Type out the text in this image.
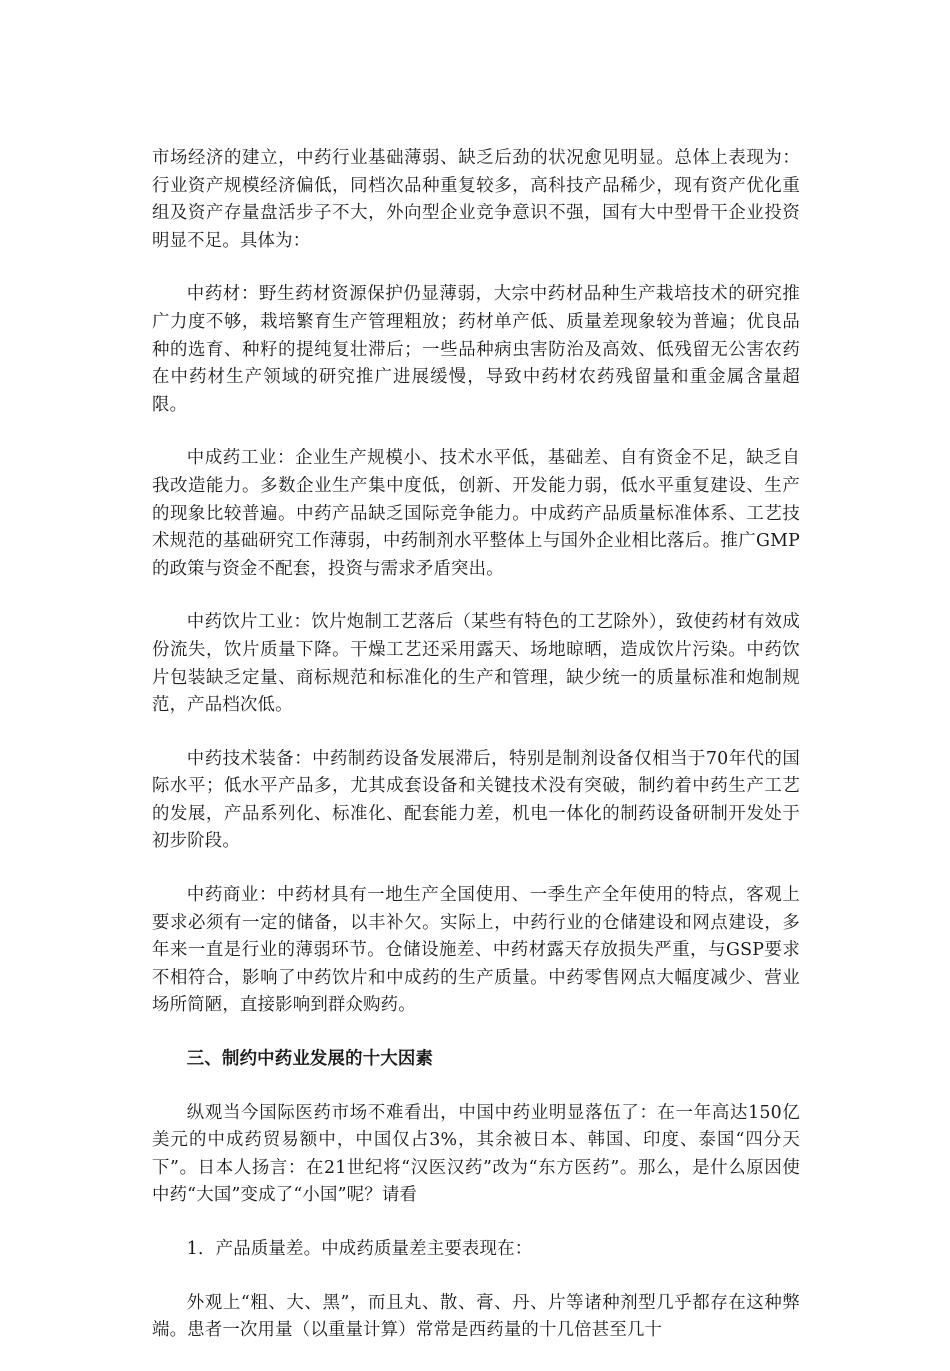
市场经济的建立，中药行业基础薄弱、缺乏后劲的状况愈见明显。总体上表现为：行业资产规模经济偏低，同档次品种重复较多，高科技产品稀少，现有资产优化重组及资产存量盘活步子不大，外向型企业竞争意识不强，国有大中型骨干企业投资明显不足。具体为：

中药材：野生药材资源保护仍显薄弱，大宗中药材品种生产栽培技术的研究推广力度不够，栽培繁育生产管理粗放；药材单产低、质量差现象较为普遍；优良品种的选育、种籽的提纯复壮滞后；一些品种病虫害防治及高效、低残留无公害农药在中药材生产领域的研究推广进展缓慢，导致中药材农药残留量和重金属含量超限。

中成药工业：企业生产规模小、技术水平低，基础差、自有资金不足，缺乏自我改造能力。多数企业生产集中度低，创新、开发能力弱，低水平重复建设、生产的现象比较普遍。中药产品缺乏国际竞争能力。中成药产品质量标准体系、工艺技术规范的基础研究工作薄弱，中药制剂水平整体上与国外企业相比落后。推广GMP的政策与资金不配套，投资与需求矛盾突出。

中药饮片工业：饮片炮制工艺落后（某些有特色的工艺除外），致使药材有效成份流失，饮片质量下降。干燥工艺还采用露天、场地晾晒，造成饮片污染。中药饮片包装缺乏定量、商标规范和标准化的生产和管理，缺少统一的质量标准和炮制规范，产品档次低。

中药技术装备：中药制药设备发展滞后，特别是制剂设备仅相当于70年代的国际水平；低水平产品多，尤其成套设备和关键技术没有突破，制约着中药生产工艺的发展，产品系列化、标准化、配套能力差，机电一体化的制药设备研制开发处于初步阶段。

中药商业：中药材具有一地生产全国使用、一季生产全年使用的特点，客观上要求必须有一定的储备，以丰补欠。实际上，中药行业的仓储建设和网点建设，多年来一直是行业的薄弱环节。仓储设施差、中药材露天存放损失严重，与GSP要求不相符合，影响了中药饮片和中成药的生产质量。中药零售网点大幅度减少、营业场所简陋，直接影响到群众购药。

三、制约中药业发展的十大因素

纵观当今国际医药市场不难看出，中国中药业明显落伍了：在一年高达150亿美元的中成药贸易额中，中国仅占3%，其余被日本、韩国、印度、泰国“四分天下”。日本人扬言：在21世纪将“汉医汉药”改为“东方医药”。那么，是什么原因使中药“大国”变成了“小国”呢？请看

1．产品质量差。中成药质量差主要表现在：

外观上“粗、大、黑”，而且丸、散、膏、丹、片等诸种剂型几乎都存在这种弊端。患者一次用量（以重量计算）常常是西药量的十几倍甚至几十
